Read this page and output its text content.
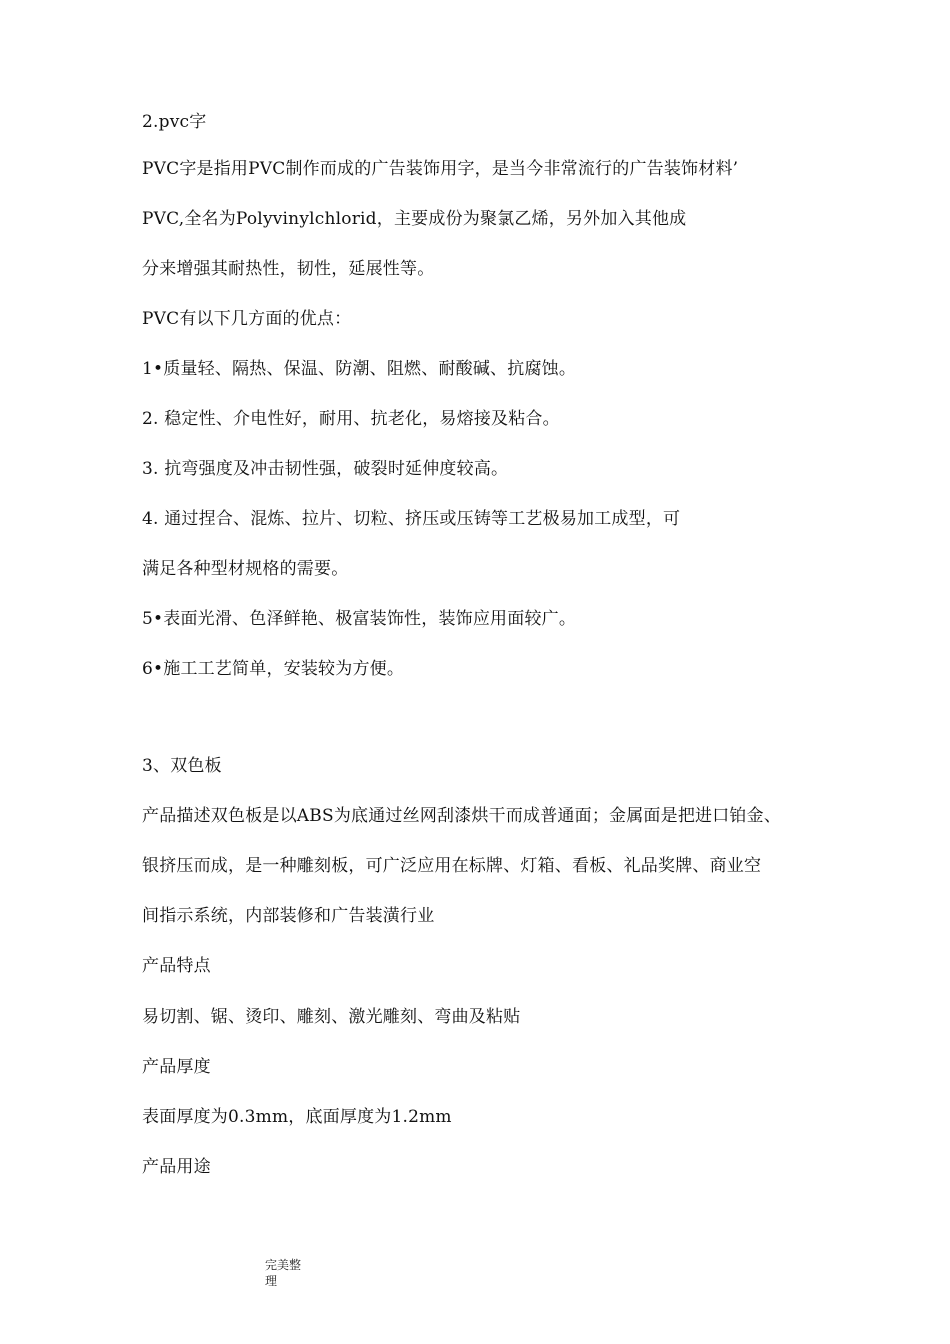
2.pvc字
PVC字是指用PVC制作而成的广告装饰用字，是当今非常流行的广告装饰材料’
PVC,全名为Polyvinylchlorid，主要成份为聚氯乙烯，另外加入其他成
分来增强其耐热性，韧性，延展性等。
PVC有以下几方面的优点：
1•质量轻、隔热、保温、防潮、阻燃、耐酸碱、抗腐蚀。
2. 稳定性、介电性好，耐用、抗老化，易熔接及粘合。
3. 抗弯强度及冲击韧性强，破裂时延伸度较高。
4. 通过捏合、混炼、拉片、切粒、挤压或压铸等工艺极易加工成型，可
满足各种型材规格的需要。
5•表面光滑、色泽鲜艳、极富装饰性，装饰应用面较广。
6•施工工艺简单，安装较为方便。
3、双色板
产品描述双色板是以ABS为底通过丝网刮漆烘干而成普通面；金属面是把进口铂金、
银挤压而成，是一种雕刻板，可广泛应用在标牌、灯箱、看板、礼品奖牌、商业空
间指示系统，内部装修和广告装潢行业
产品特点
易切割、锯、烫印、雕刻、激光雕刻、弯曲及粘贴
产品厚度
表面厚度为0.3mm，底面厚度为1.2mm
产品用途
完美整
理
